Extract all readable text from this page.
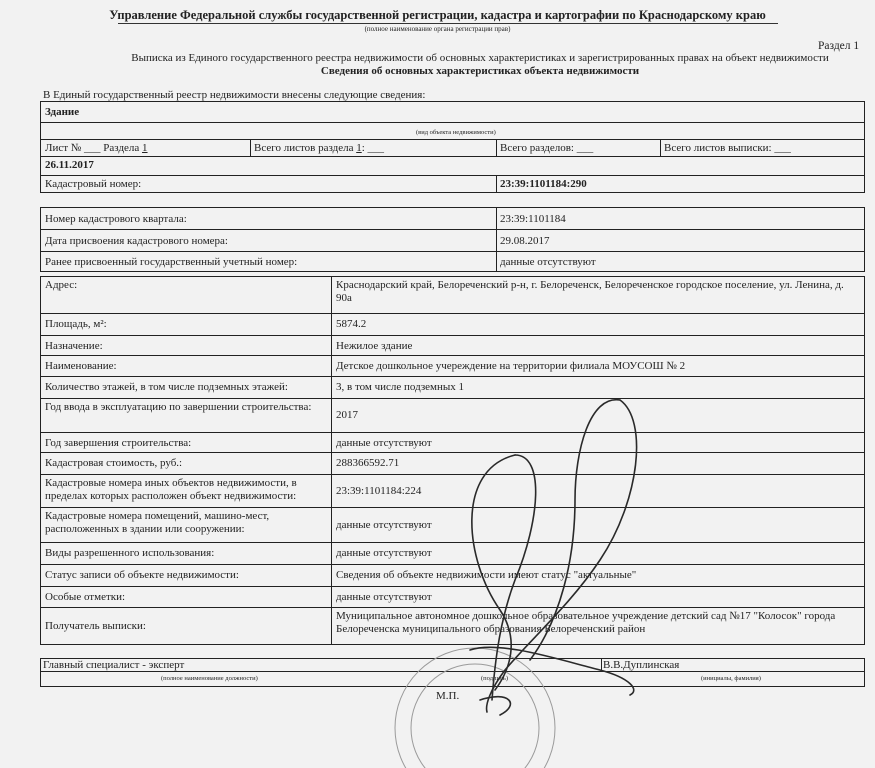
Управление Федеральной службы государственной регистрации, кадастра и картографии по Краснодарскому краю
(полное наименование органа регистрации прав)
Раздел 1
Выписка из Единого государственного реестра недвижимости об основных характеристиках и зарегистрированных правах на объект недвижимости
Сведения об основных характеристиках объекта недвижимости
В Единый государственный реестр недвижимости внесены следующие сведения:
Здание
(вид объекта недвижимости)
Лист № ___ Раздела 1	Всего листов раздела 1: ___	Всего разделов: ___	Всего листов выписки: ___
26.11.2017
Кадастровый номер:	23:39:1101184:290
Номер кадастрового квартала:	23:39:1101184
Дата присвоения кадастрового номера:	29.08.2017
Ранее присвоенный государственный учетный номер:	данные отсутствуют
Адрес:	Краснодарский край, Белореченский р-н, г. Белореченск, Белореченское городское поселение, ул. Ленина, д. 90а
Площадь, м²:	5874.2
Назначение:	Нежилое здание
Наименование:	Детское дошкольное учереждение на территории филиала МОУСОШ № 2
Количество этажей, в том числе подземных этажей:	3, в том числе подземных 1
Год ввода в эксплуатацию по завершении строительства:	2017
Год завершения строительства:	данные отсутствуют
Кадастровая стоимость, руб.:	288366592.71
Кадастровые номера иных объектов недвижимости, в пределах которых расположен объект недвижимости:	23:39:1101184:224
Кадастровые номера помещений, машино-мест, расположенных в здании или сооружении:	данные отсутствуют
Виды разрешенного использования:	данные отсутствуют
Статус записи об объекте недвижимости:	Сведения об объекте недвижимости имеют статус "актуальные"
Особые отметки:	данные отсутствуют
Получатель выписки:	Муниципальное автономное дошкольное образовательное учреждение детский сад №17 "Колосок" города Белореченска муниципального образования Белореченский район
Главный специалист - эксперт	В.В.Дуплинская
(полное наименование должности)	(подпись)	(инициалы, фамилия)
М.П.
